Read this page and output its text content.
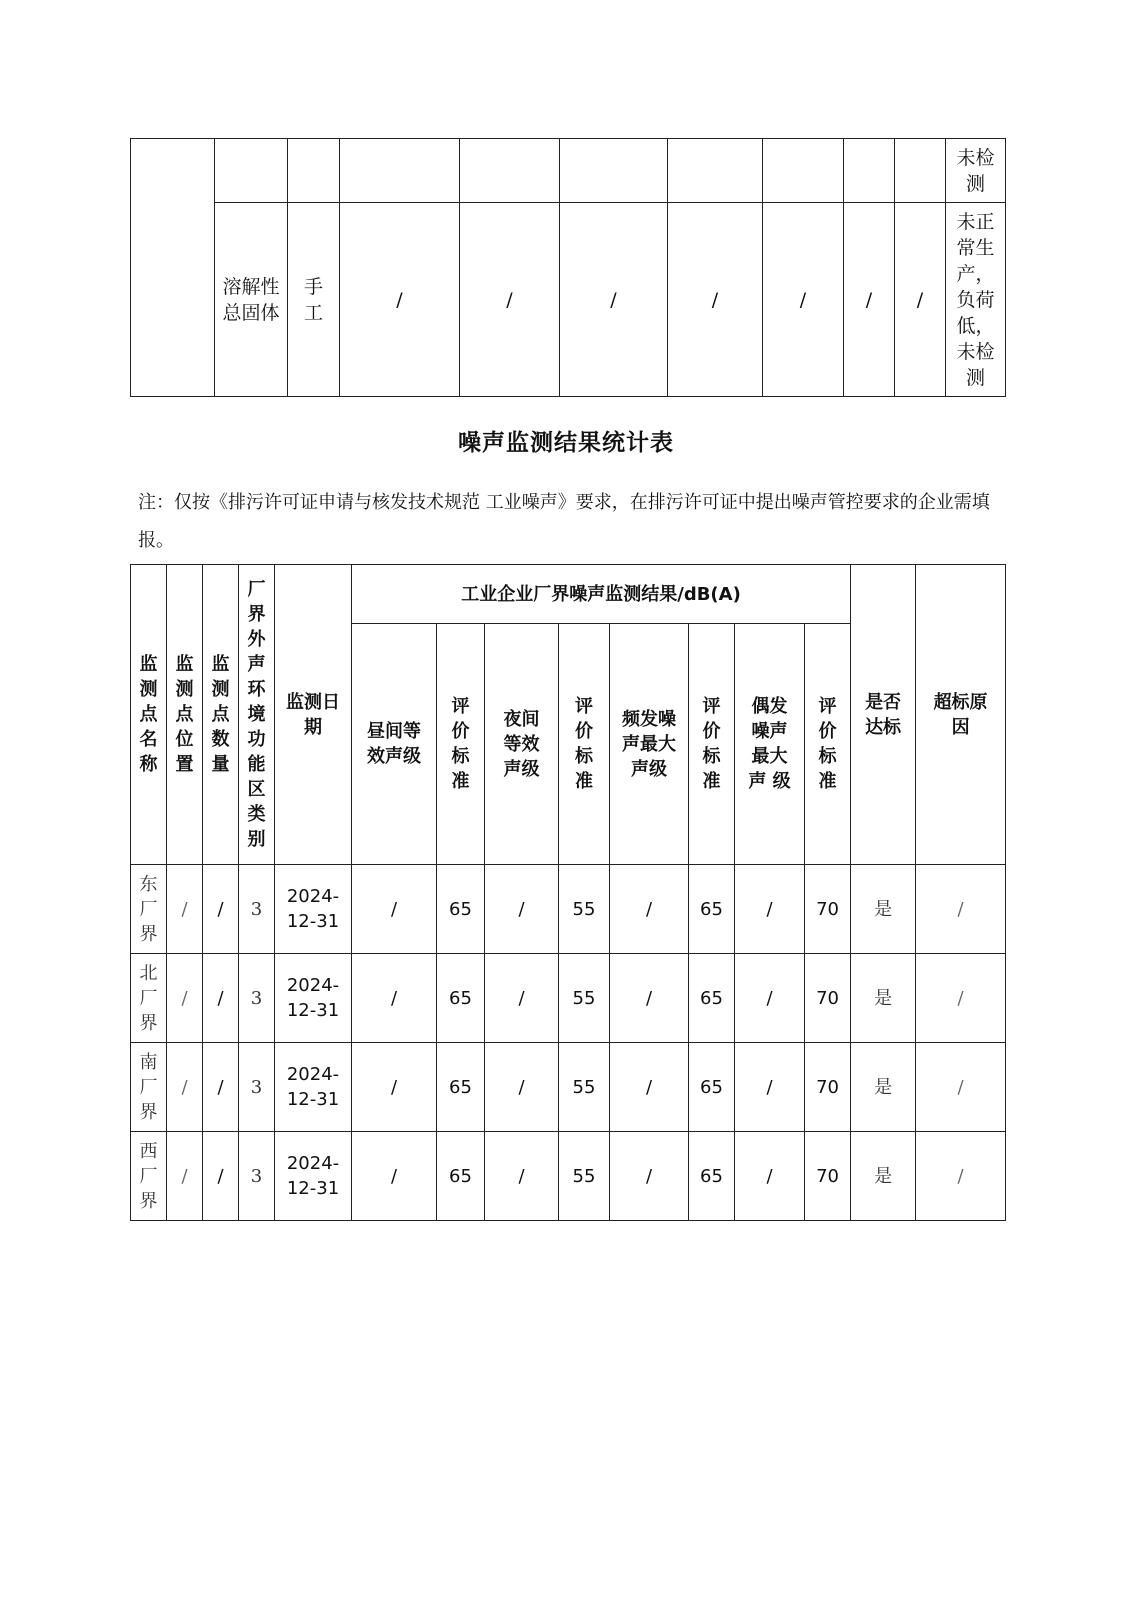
										未检测
	溶解性总固体	手工	/	/	/	/	/	/	/	未正常生产，负荷低，未检测
噪声监测结果统计表
注：仅按《排污许可证申请与核发技术规范 工业噪声》要求，在排污许可证中提出噪声管控要求的企业需填报。
监测点名称	监测点位置	监测点数量	厂界外声环境功能区类别	监测日期	工业企业厂界噪声监测结果/dB(A)								是否达标	超标原因
					昼间等效声级	评价标准	夜间等效声级	评价标准	频发噪声最大声级	评价标准	偶发噪声最大声 级	评价标准		
东厂界	/	/	3	2024-12-31	/	65	/	55	/	65	/	70	是	/
北厂界	/	/	3	2024-12-31	/	65	/	55	/	65	/	70	是	/
南厂界	/	/	3	2024-12-31	/	65	/	55	/	65	/	70	是	/
西厂界	/	/	3	2024-12-31	/	65	/	55	/	65	/	70	是	/
